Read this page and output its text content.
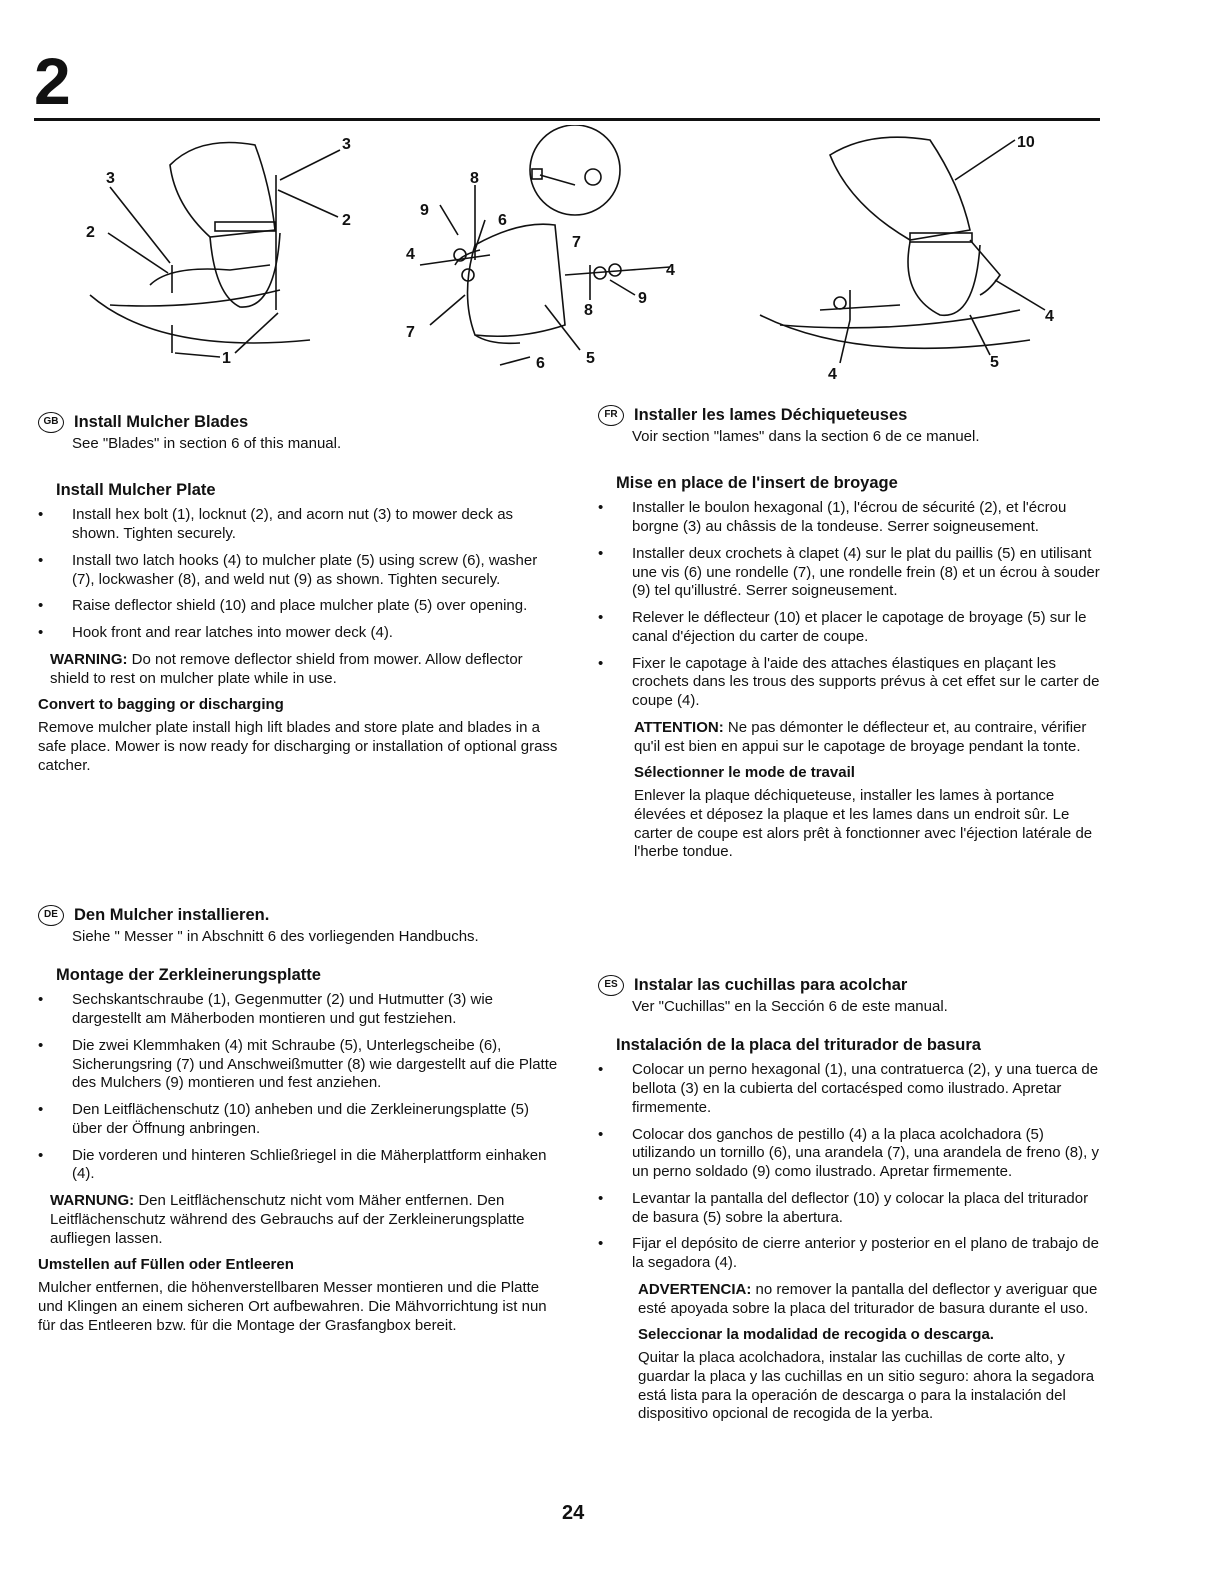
2
3
3
2
2
1
8
9
6
4
7
7
4
8
9
6	5
10
4
5
4
GB Install Mulcher Blades
See "Blades" in section 6 of this manual.
Install Mulcher Plate
• Install hex bolt (1), locknut (2), and acorn nut (3) to mower deck as shown. Tighten securely.
• Install two latch hooks (4) to mulcher plate (5) using screw (6), washer (7), lockwasher (8), and weld nut (9) as shown. Tighten securely.
• Raise deflector shield (10) and place mulcher plate (5) over opening.
• Hook front and rear latches into mower deck (4).
WARNING: Do not remove deflector shield from mower. Allow deflector shield to rest on mulcher plate while in use.
Convert to bagging or discharging
Remove mulcher plate install high lift blades and store plate and blades in a safe place. Mower is now ready for discharging or installation of optional grass catcher.
DE Den Mulcher installieren.
Siehe " Messer " in Abschnitt 6 des vorliegenden Handbuchs.
Montage der Zerkleinerungsplatte
• Sechskantschraube (1), Gegenmutter (2) und Hutmutter (3) wie dargestellt am Mäherboden montieren und gut festziehen.
• Die zwei Klemmhaken (4) mit Schraube (5), Unterlegscheibe (6), Sicherungsring (7) und Anschweißmutter (8) wie dargestellt auf die Platte des Mulchers (9) montieren und fest anziehen.
• Den Leitflächenschutz (10) anheben und die Zerkleinerungsplatte (5) über der Öffnung anbringen.
• Die vorderen und hinteren Schließriegel in die Mäherplattform einhaken (4).
WARNUNG: Den Leitflächenschutz nicht vom Mäher entfernen. Den Leitflächenschutz während des Gebrauchs auf der Zerkleinerungsplatte aufliegen lassen.
Umstellen auf Füllen oder Entleeren
Mulcher entfernen, die höhenverstellbaren Messer montieren und die Platte und Klingen an einem sicheren Ort aufbewahren. Die Mähvorrichtung ist nun für das Entleeren bzw. für die Montage der Grasfangbox bereit.
FR Installer les lames Déchiqueteuses
Voir section "lames" dans la section 6 de ce manuel.
Mise en place de l'insert de broyage
• Installer le boulon hexagonal (1), l'écrou de sécurité (2), et l'écrou borgne (3) au châssis de la tondeuse. Serrer soigneusement.
• Installer deux crochets à clapet (4) sur le plat du paillis (5) en utilisant une vis (6) une rondelle (7), une rondelle frein (8) et un écrou à souder (9) tel qu'illustré. Serrer soigneusement.
• Relever le déflecteur (10) et placer le capotage de broyage (5) sur le canal d'éjection du carter de coupe.
• Fixer le capotage à l'aide des attaches élastiques en plaçant les crochets dans les trous des supports prévus à cet effet sur le carter de coupe (4).
ATTENTION: Ne pas démonter le déflecteur et, au contraire, vérifier qu'il est bien en appui sur le capotage de broyage pendant la tonte.
Sélectionner le mode de travail
Enlever la plaque déchiqueteuse, installer les lames à portance élevées et déposez la plaque et les lames dans un endroit sûr. Le carter de coupe est alors prêt à fonctionner avec l'éjection latérale de l'herbe tondue.
ES Instalar las cuchillas para acolchar
Ver "Cuchillas" en la Sección 6 de este manual.
Instalación de la placa del triturador de basura
• Colocar un perno hexagonal (1), una contratuerca (2), y una tuerca de bellota (3) en la cubierta del cortacésped como ilustrado. Apretar firmemente.
• Colocar dos ganchos de pestillo (4) a la placa acolchadora (5) utilizando un tornillo (6), una arandela (7), una arandela de freno (8), y un perno soldado (9) como ilustrado. Apretar firmemente.
• Levantar la pantalla del deflector (10) y colocar la placa del triturador de basura (5) sobre la abertura.
• Fijar el depósito de cierre anterior y posterior en el plano de trabajo de la segadora (4).
ADVERTENCIA: no remover la pantalla del deflector y averiguar que esté apoyada sobre la placa del triturador de basura durante el uso.
Seleccionar la modalidad de recogida o descarga.
Quitar la placa acolchadora, instalar las cuchillas de corte alto, y guardar la placa y las cuchillas en un sitio seguro: ahora la segadora está lista para la operación de descarga o para la instalación del dispositivo opcional de recogida de la yerba.
24
